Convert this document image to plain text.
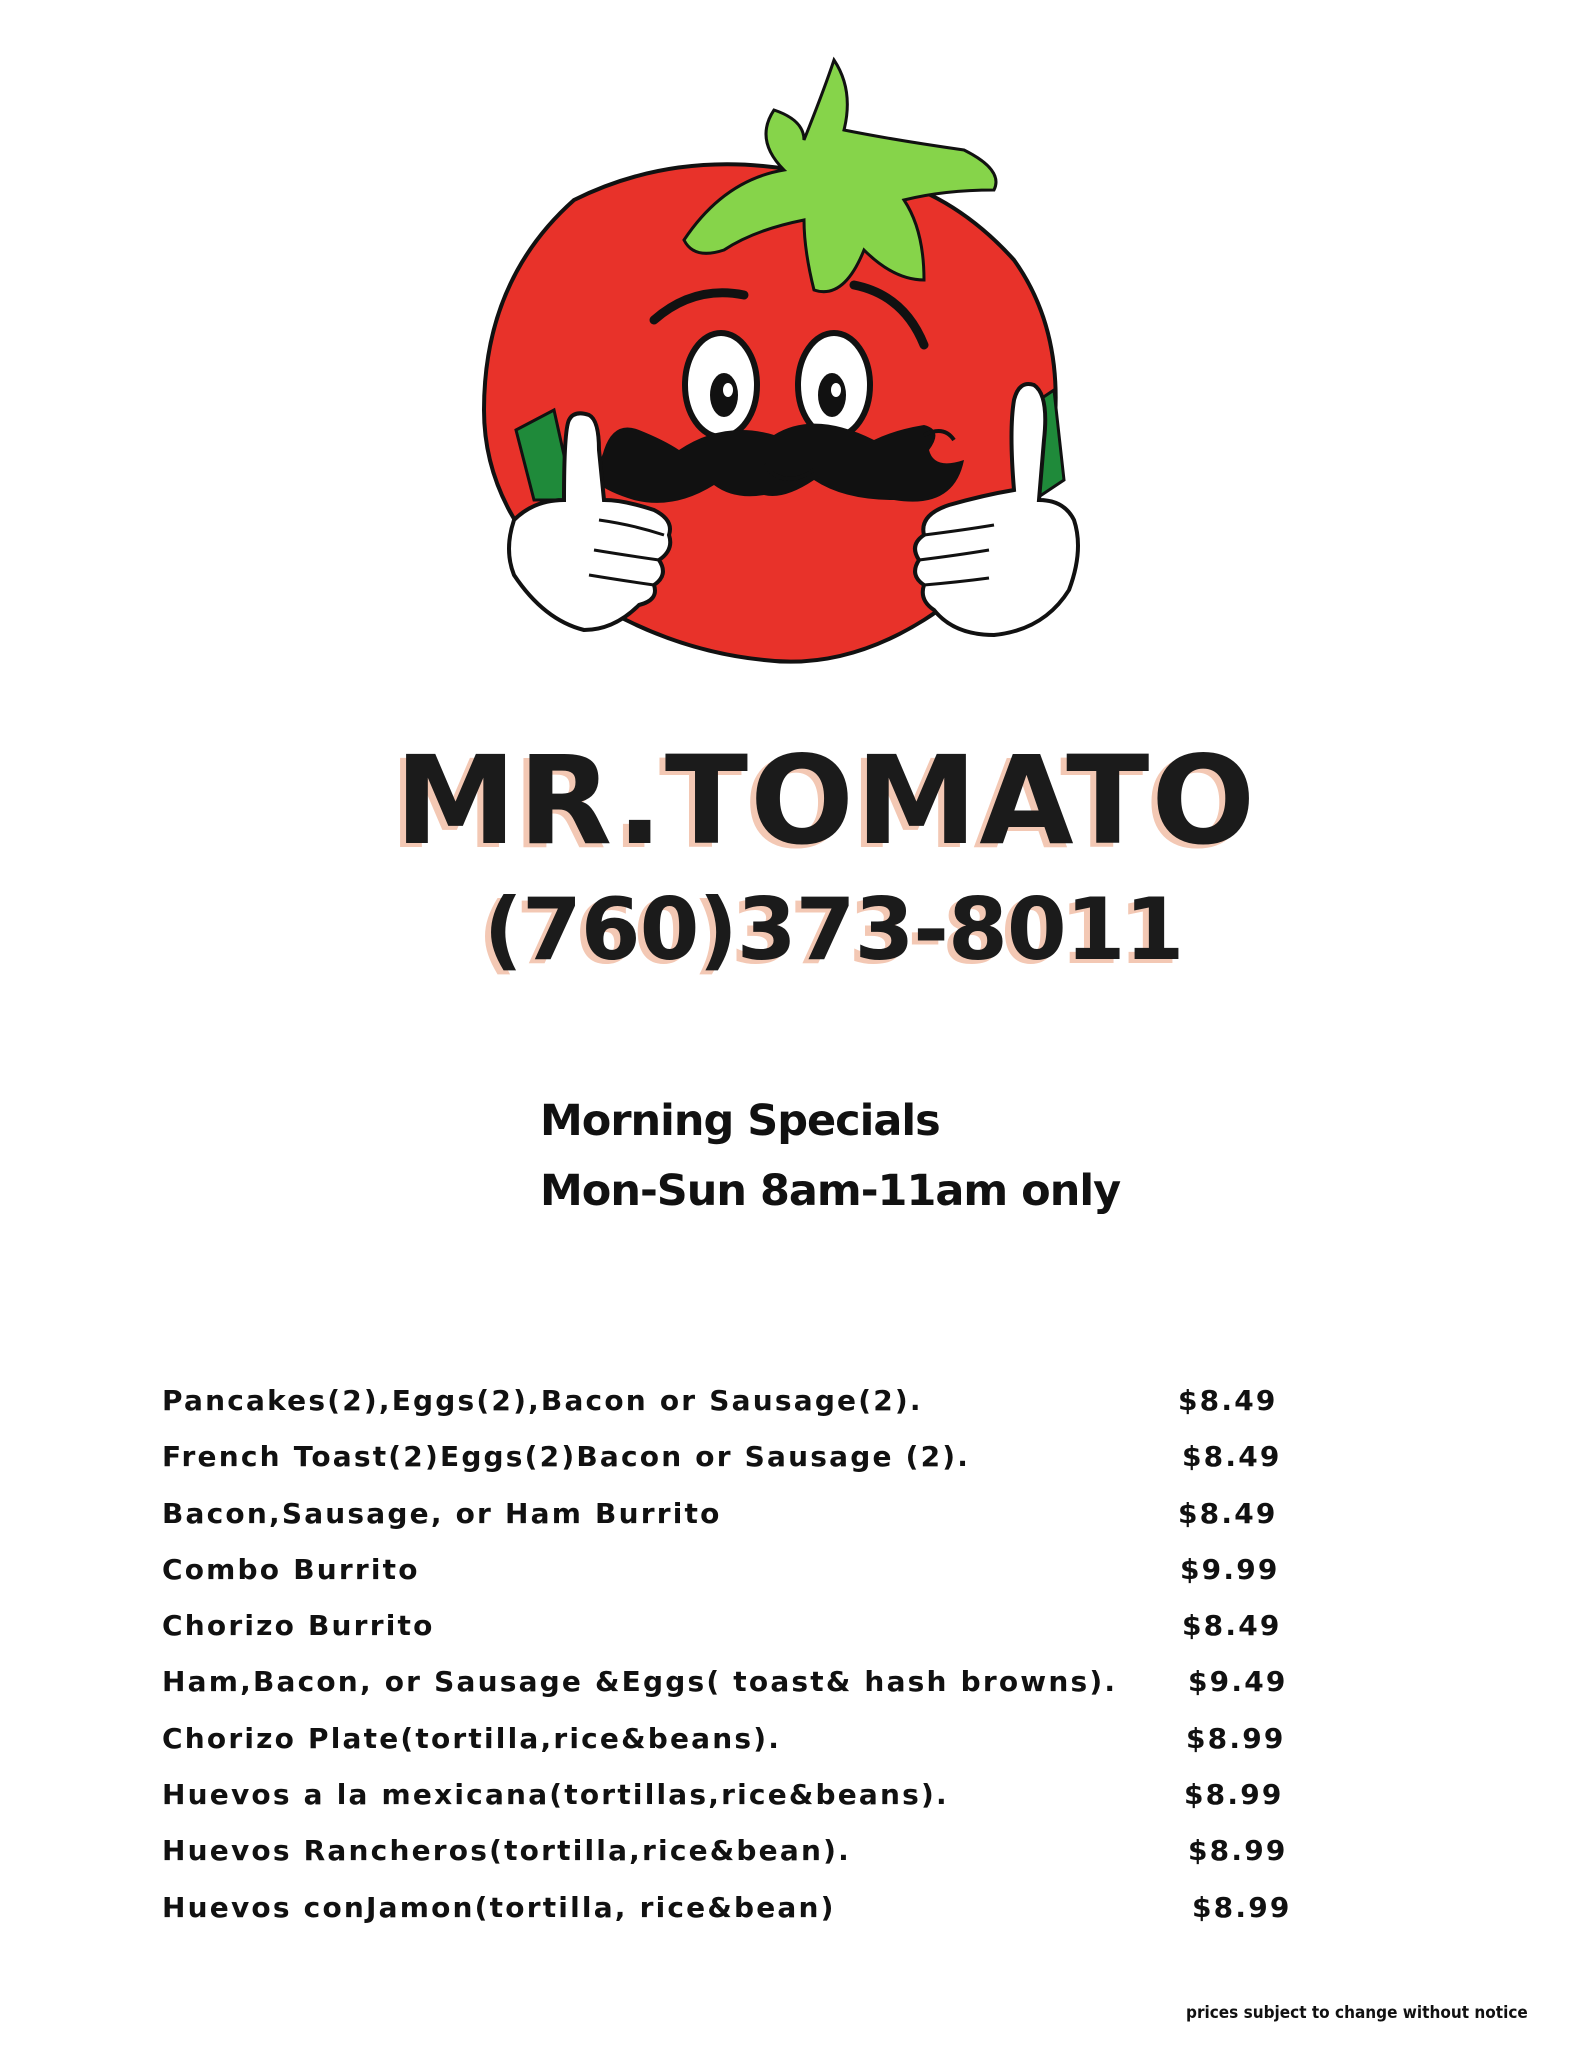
MR.TOMATO
(760)373-8011
Morning Specials
Mon-Sun 8am-11am only
Pancakes(2),Eggs(2),Bacon or Sausage(2).	$8.49
French Toast(2)Eggs(2)Bacon or Sausage (2).	$8.49
Bacon,Sausage, or Ham Burrito	$8.49
Combo Burrito	$9.99
Chorizo Burrito	$8.49
Ham,Bacon, or Sausage &Eggs( toast& hash browns).	$9.49
Chorizo Plate(tortilla,rice&beans).	$8.99
Huevos a la mexicana(tortillas,rice&beans).	$8.99
Huevos Rancheros(tortilla,rice&bean).	$8.99
Huevos conJamon(tortilla, rice&bean)	$8.99
prices subject to change without notice
